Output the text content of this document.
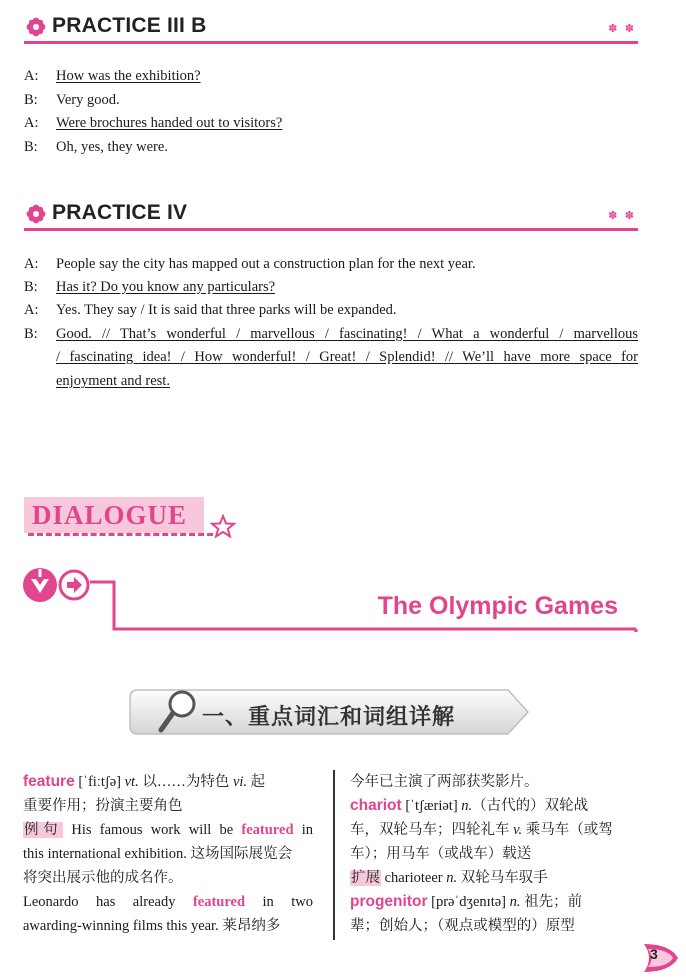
PRACTICE III B	✽ ✽
A:	How was the exhibition?
B:	Very good.
A:	Were brochures handed out to visitors?
B:	Oh, yes, they were.
PRACTICE IV	✽ ✽
A:	People say the city has mapped out a construction plan for the next year.
B:	Has it? Do you know any particulars?
A:	Yes. They say / It is said that three parks will be expanded.
B:	Good. // That’s wonderful / marvellous / fascinating! / What a wonderful / marvellous
/ fascinating idea! / How wonderful! / Great! / Splendid! // We’ll have more space for
enjoyment and rest.
DIALOGUE
The Olympic Games
一、重点词汇和词组详解
feature [ˈfiːtʃə] vt. 以……为特色 vi. 起
重要作用；扮演主要角色
例句 His famous work will be featured in
this international exhibition. 这场国际展览会
将突出展示他的成名作。
Leonardo has already featured in two
awarding-winning films this year. 莱昂纳多
今年已主演了两部获奖影片。
chariot [ˈtʃæriət] n.（古代的）双轮战
车，双轮马车；四轮礼车 v. 乘马车（或驾
车）；用马车（或战车）载送
扩展 charioteer n. 双轮马车驭手
progenitor [prəˈdʒenɪtə] n. 祖先；前
辈；创始人；（观点或模型的）原型
3
